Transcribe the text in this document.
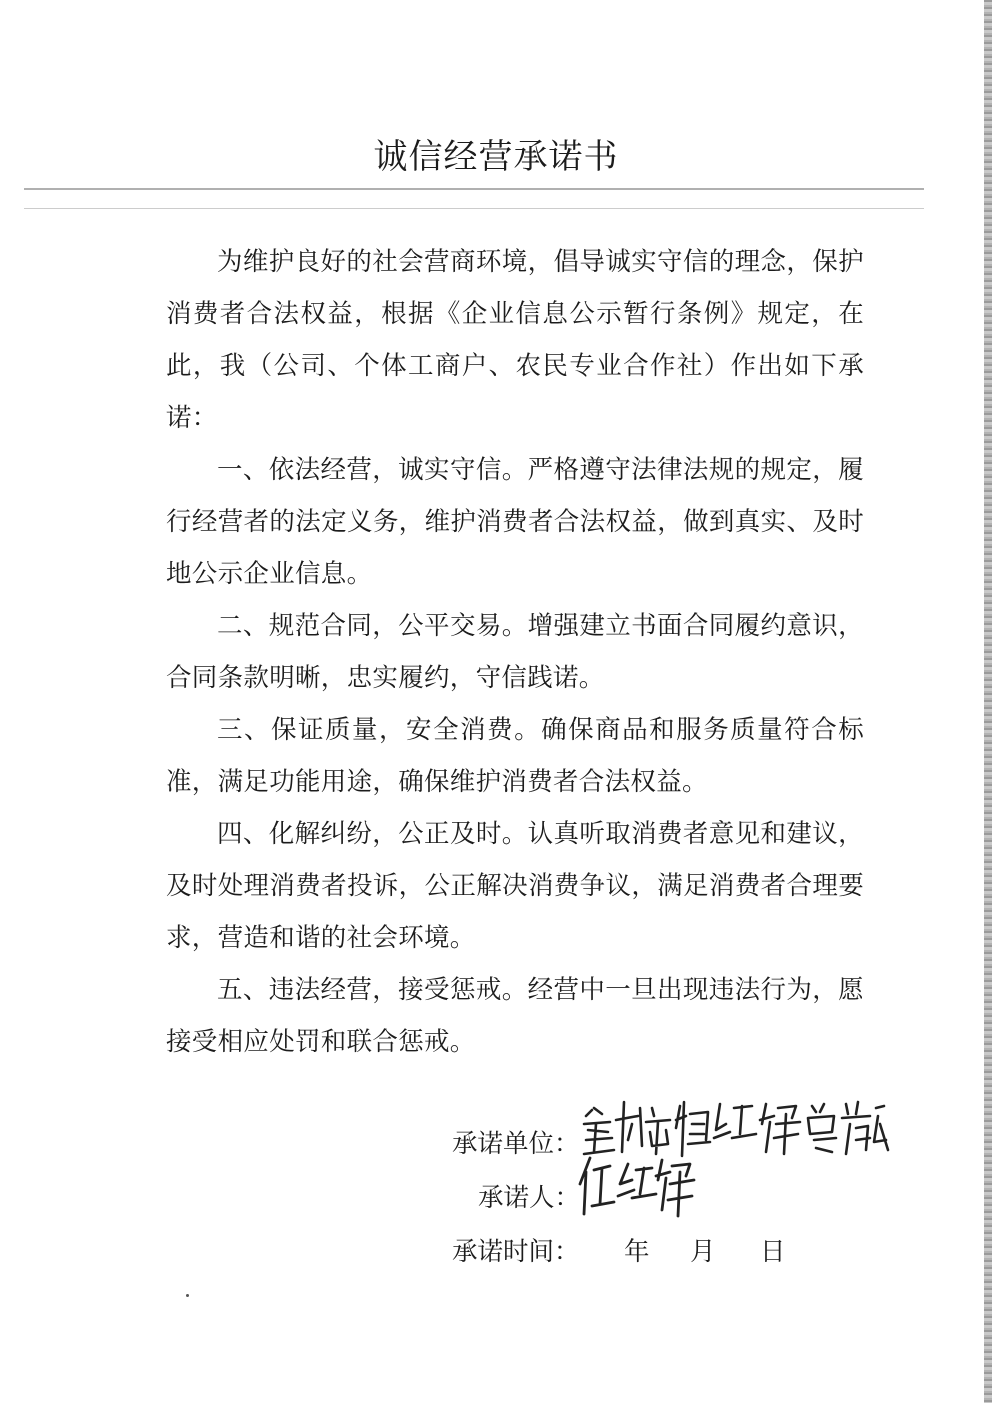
诚信经营承诺书

为维护良好的社会营商环境，倡导诚实守信的理念，保护消费者合法权益，根据《企业信息公示暂行条例》规定，在此，我（公司、个体工商户、农民专业合作社）作出如下承诺：

一、依法经营，诚实守信。严格遵守法律法规的规定，履行经营者的法定义务，维护消费者合法权益，做到真实、及时地公示企业信息。

二、规范合同，公平交易。增强建立书面合同履约意识，合同条款明晰，忠实履约，守信践诺。

三、保证质量，安全消费。确保商品和服务质量符合标准，满足功能用途，确保维护消费者合法权益。

四、化解纠纷，公正及时。认真听取消费者意见和建议，及时处理消费者投诉，公正解决消费争议，满足消费者合理要求，营造和谐的社会环境。

五、违法经营，接受惩戒。经营中一旦出现违法行为，愿接受相应处罚和联合惩戒。

承诺单位：
承诺人：
承诺时间： 年 月 日
